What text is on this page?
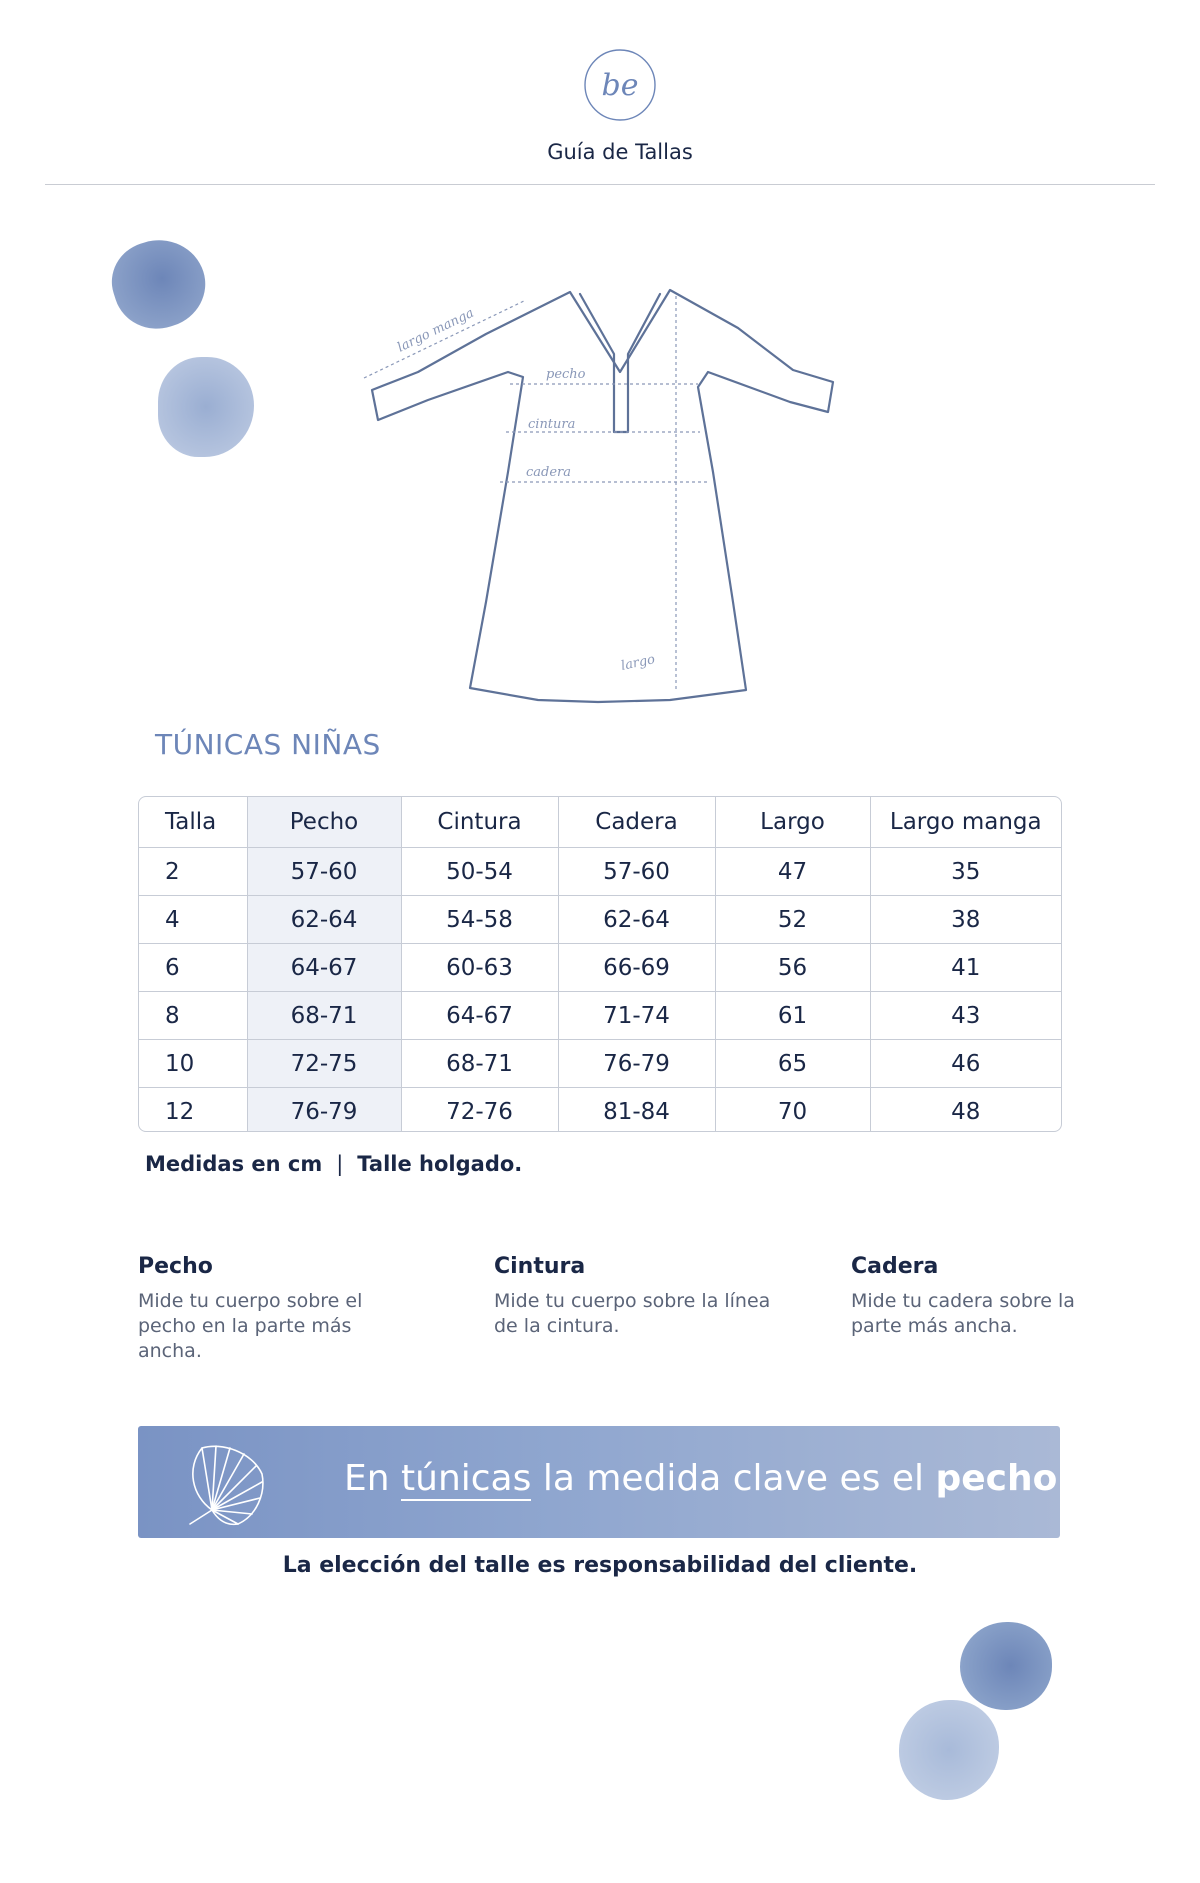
be
Guía de Tallas
largo manga
pecho
cintura
cadera
largo
TÚNICAS NIÑAS
Talla	Pecho	Cintura	Cadera	Largo	Largo manga
2	57-60	50-54	57-60	47	35
4	62-64	54-58	62-64	52	38
6	64-67	60-63	66-69	56	41
8	68-71	64-67	71-74	61	43
10	72-75	68-71	76-79	65	46
12	76-79	72-76	81-84	70	48
Medidas en cm | Talle holgado.
Pecho

Mide tu cuerpo sobre el pecho en la parte más ancha.

Cintura

Mide tu cuerpo sobre la línea de la cintura.

Cadera

Mide tu cadera sobre la parte más ancha.

En túnicas la medida clave es el pecho.
La elección del talle es responsabilidad del cliente.
